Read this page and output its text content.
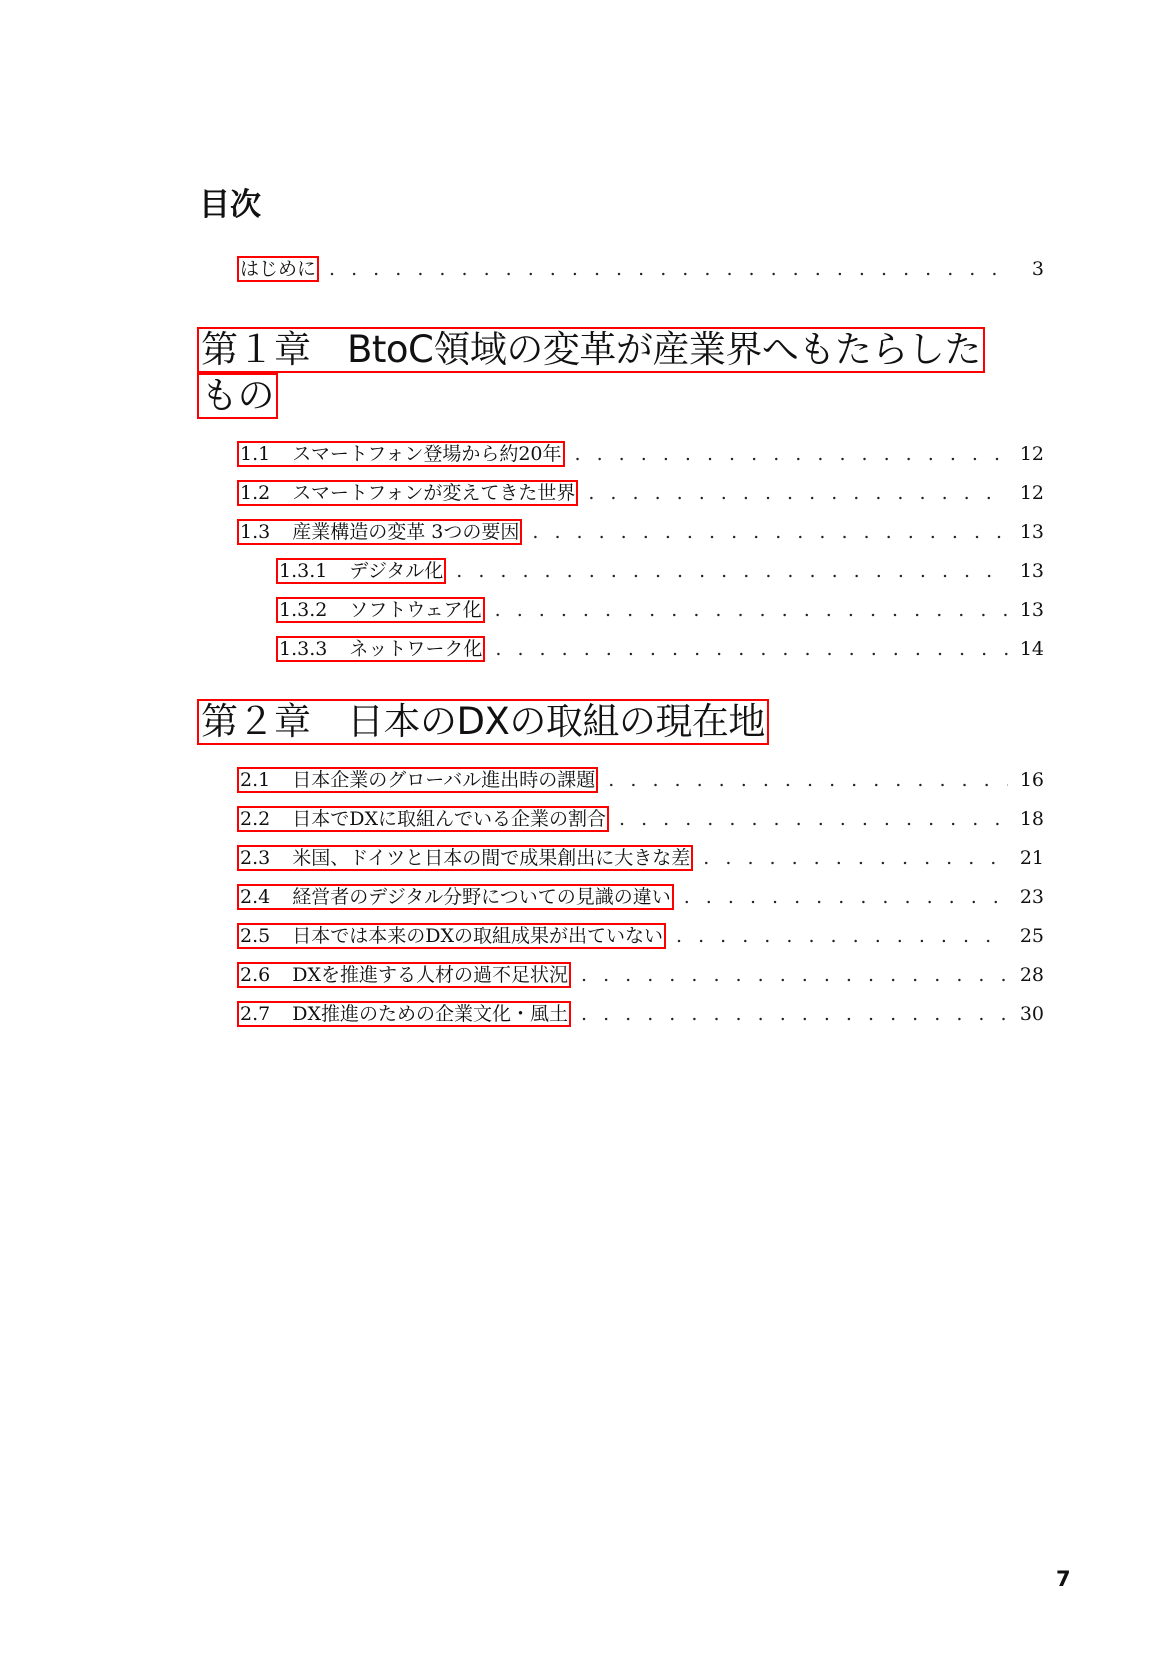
目次
はじめに . . .	3
第１章　BtoC領域の変革が産業界へもたらした
もの
1.1 スマートフォン登場から約20年 . . .	12
1.2 スマートフォンが変えてきた世界 . . .	12
1.3 産業構造の変革 3つの要因 . . .	13
1.3.1 デジタル化 . . .	13
1.3.2 ソフトウェア化 . . .	13
1.3.3 ネットワーク化 . . .	14
第２章　日本のDXの取組の現在地
2.1 日本企業のグローバル進出時の課題 . . .	16
2.2 日本でDXに取組んでいる企業の割合 . . .	18
2.3 米国、ドイツと日本の間で成果創出に大きな差 . . .	21
2.4 経営者のデジタル分野についての見識の違い . . .	23
2.5 日本では本来のDXの取組成果が出ていない . . .	25
2.6 DXを推進する人材の過不足状況 . . .	28
2.7 DX推進のための企業文化・風土 . . .	30
7
